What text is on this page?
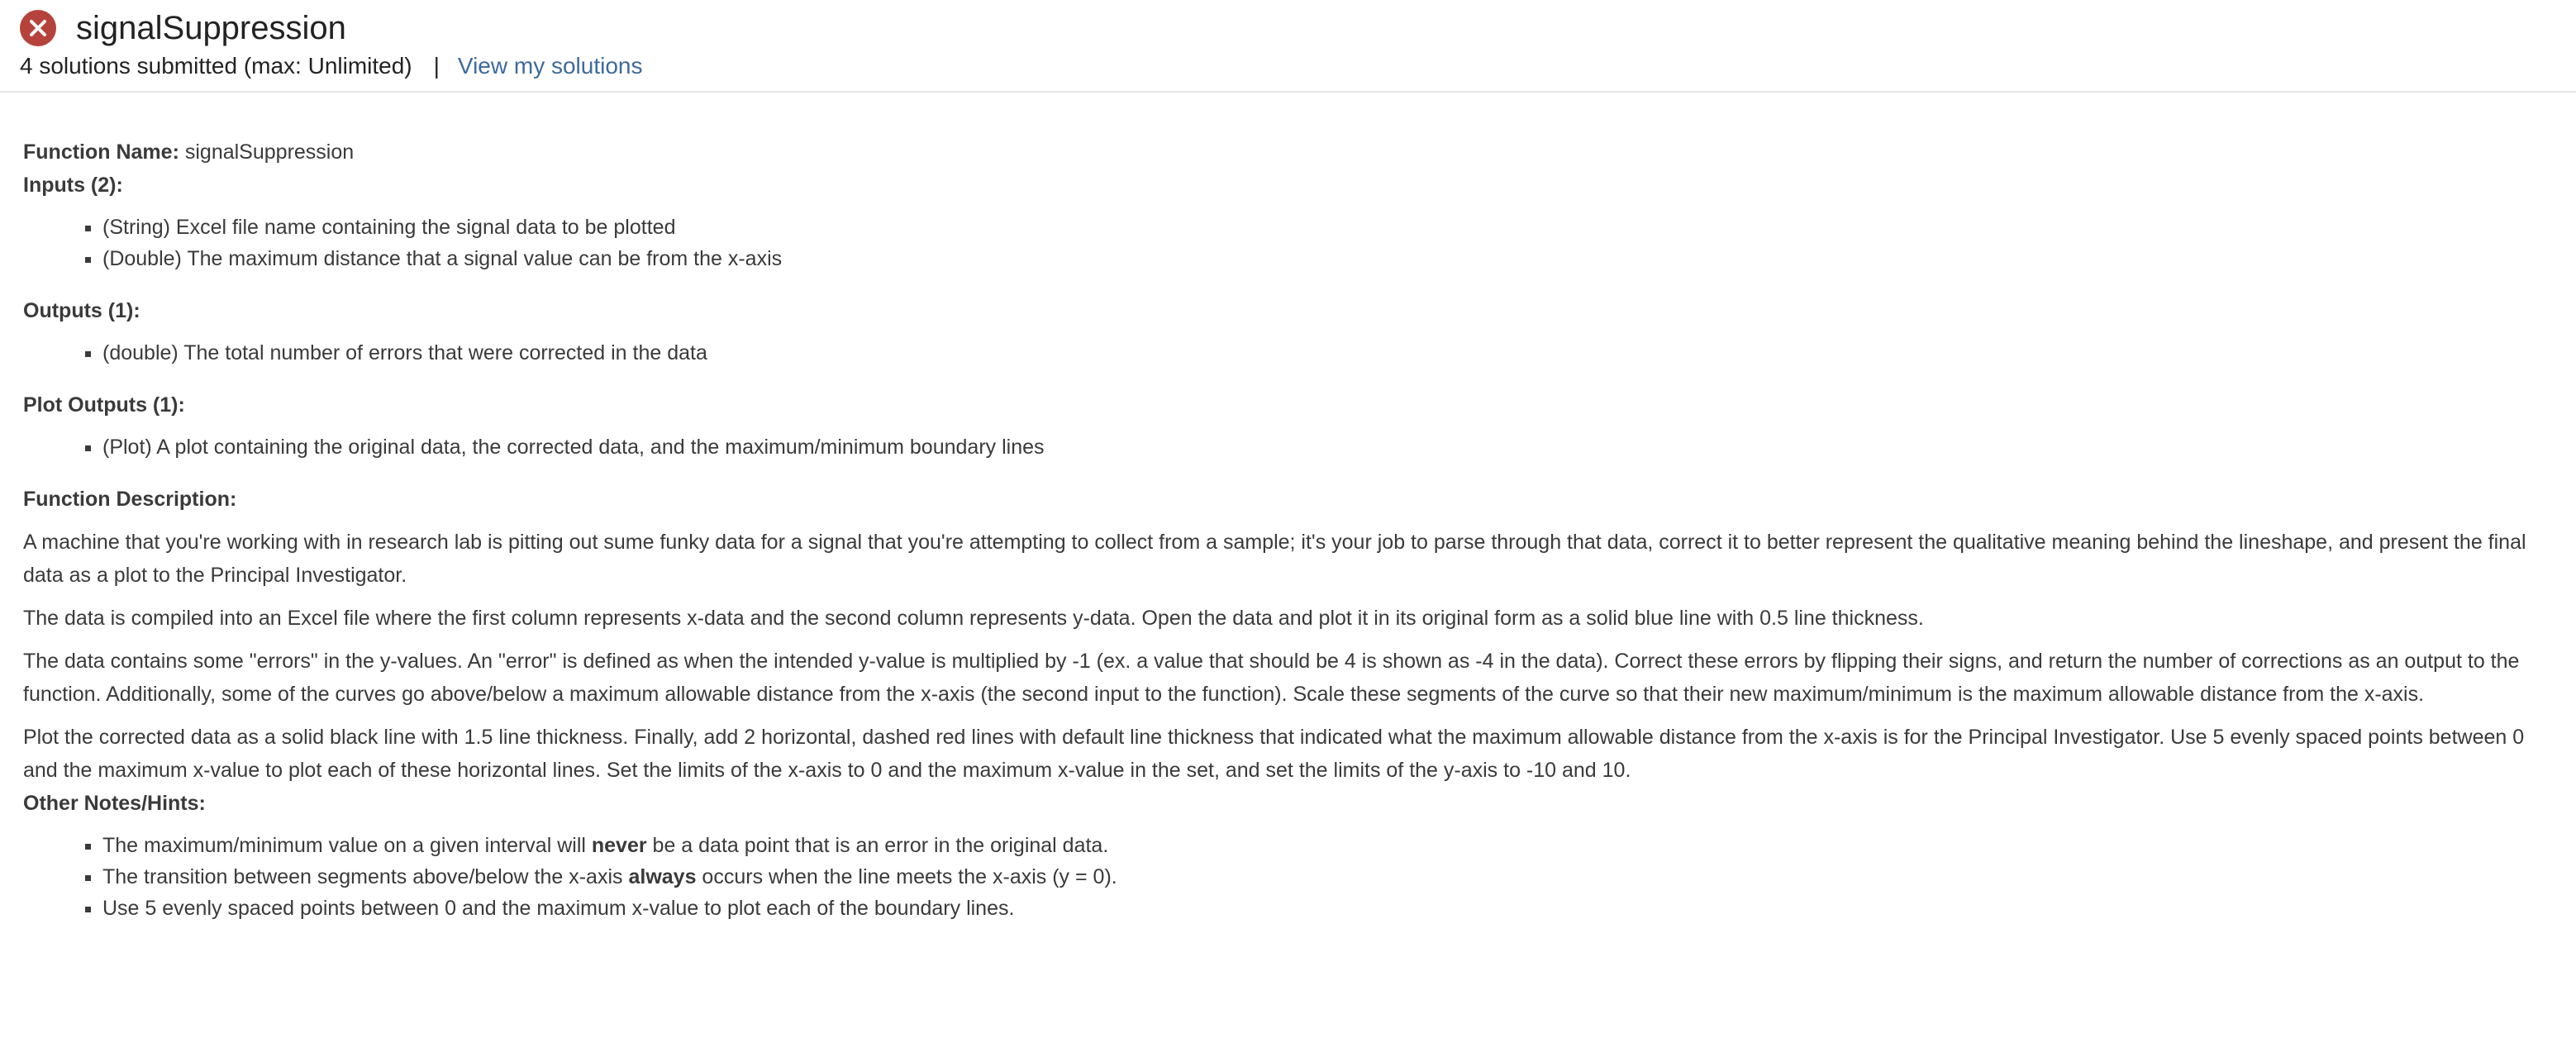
signalSuppression
4 solutions submitted (max: Unlimited) | View my solutions

Function Name: signalSuppression

Inputs (2):

▪ (String) Excel file name containing the signal data to be plotted
▪ (Double) The maximum distance that a signal value can be from the x-axis

Outputs (1):

▪ (double) The total number of errors that were corrected in the data

Plot Outputs (1):

▪ (Plot) A plot containing the original data, the corrected data, and the maximum/minimum boundary lines

Function Description:

A machine that you're working with in research lab is pitting out sume funky data for a signal that you're attempting to collect from a sample; it's your job to parse through that data, correct it to better represent the qualitative meaning behind the lineshape, and present the final data as a plot to the Principal Investigator.

The data is compiled into an Excel file where the first column represents x-data and the second column represents y-data. Open the data and plot it in its original form as a solid blue line with 0.5 line thickness.

The data contains some "errors" in the y-values. An "error" is defined as when the intended y-value is multiplied by -1 (ex. a value that should be 4 is shown as -4 in the data). Correct these errors by flipping their signs, and return the number of corrections as an output to the function. Additionally, some of the curves go above/below a maximum allowable distance from the x-axis (the second input to the function). Scale these segments of the curve so that their new maximum/minimum is the maximum allowable distance from the x-axis.

Plot the corrected data as a solid black line with 1.5 line thickness. Finally, add 2 horizontal, dashed red lines with default line thickness that indicated what the maximum allowable distance from the x-axis is for the Principal Investigator. Use 5 evenly spaced points between 0 and the maximum x-value to plot each of these horizontal lines. Set the limits of the x-axis to 0 and the maximum x-value in the set, and set the limits of the y-axis to -10 and 10.

Other Notes/Hints:

▪ The maximum/minimum value on a given interval will never be a data point that is an error in the original data.
▪ The transition between segments above/below the x-axis always occurs when the line meets the x-axis (y = 0).
▪ Use 5 evenly spaced points between 0 and the maximum x-value to plot each of the boundary lines.
